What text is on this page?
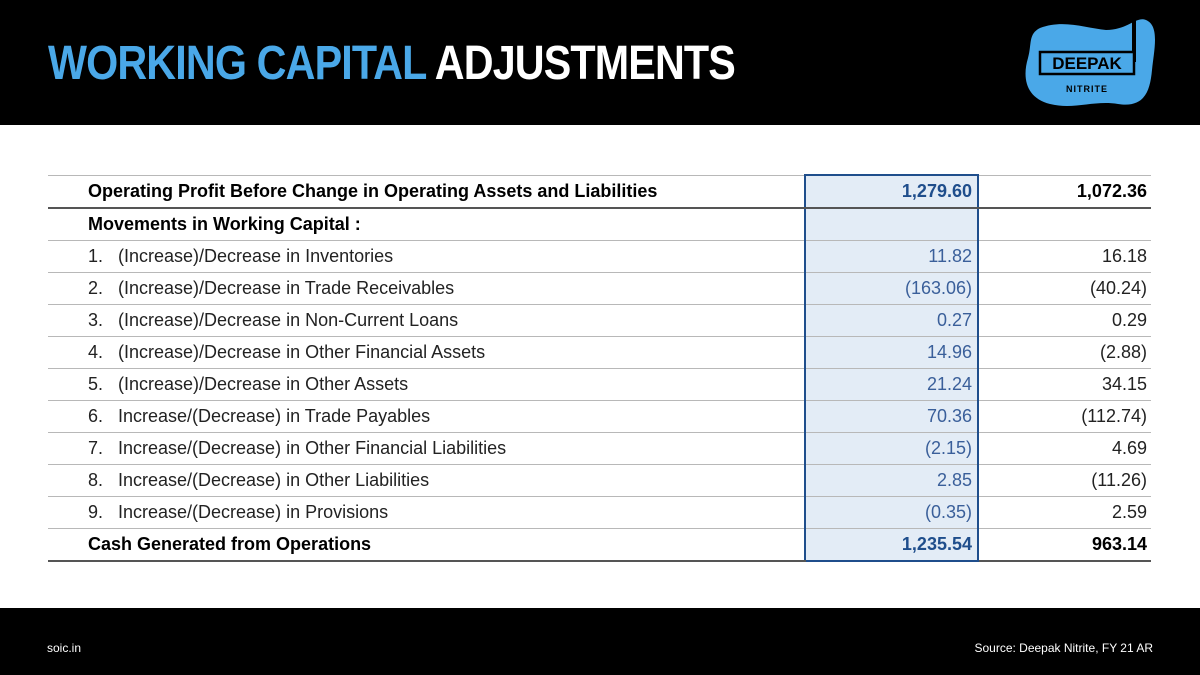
WORKING CAPITAL ADJUSTMENTS	DEEPAK
NITRITE
Operating Profit Before Change in Operating Assets and Liabilities	1,279.60	1,072.36
Movements in Working Capital :		
1. (Increase)/Decrease in Inventories	11.82	16.18
2. (Increase)/Decrease in Trade Receivables	(163.06)	(40.24)
3. (Increase)/Decrease in Non-Current Loans	0.27	0.29
4. (Increase)/Decrease in Other Financial Assets	14.96	(2.88)
5. (Increase)/Decrease in Other Assets	21.24	34.15
6. Increase/(Decrease) in Trade Payables	70.36	(112.74)
7. Increase/(Decrease) in Other Financial Liabilities	(2.15)	4.69
8. Increase/(Decrease) in Other Liabilities	2.85	(11.26)
9. Increase/(Decrease) in Provisions	(0.35)	2.59
Cash Generated from Operations	1,235.54	963.14
soic.in	Source: Deepak Nitrite, FY 21 AR
